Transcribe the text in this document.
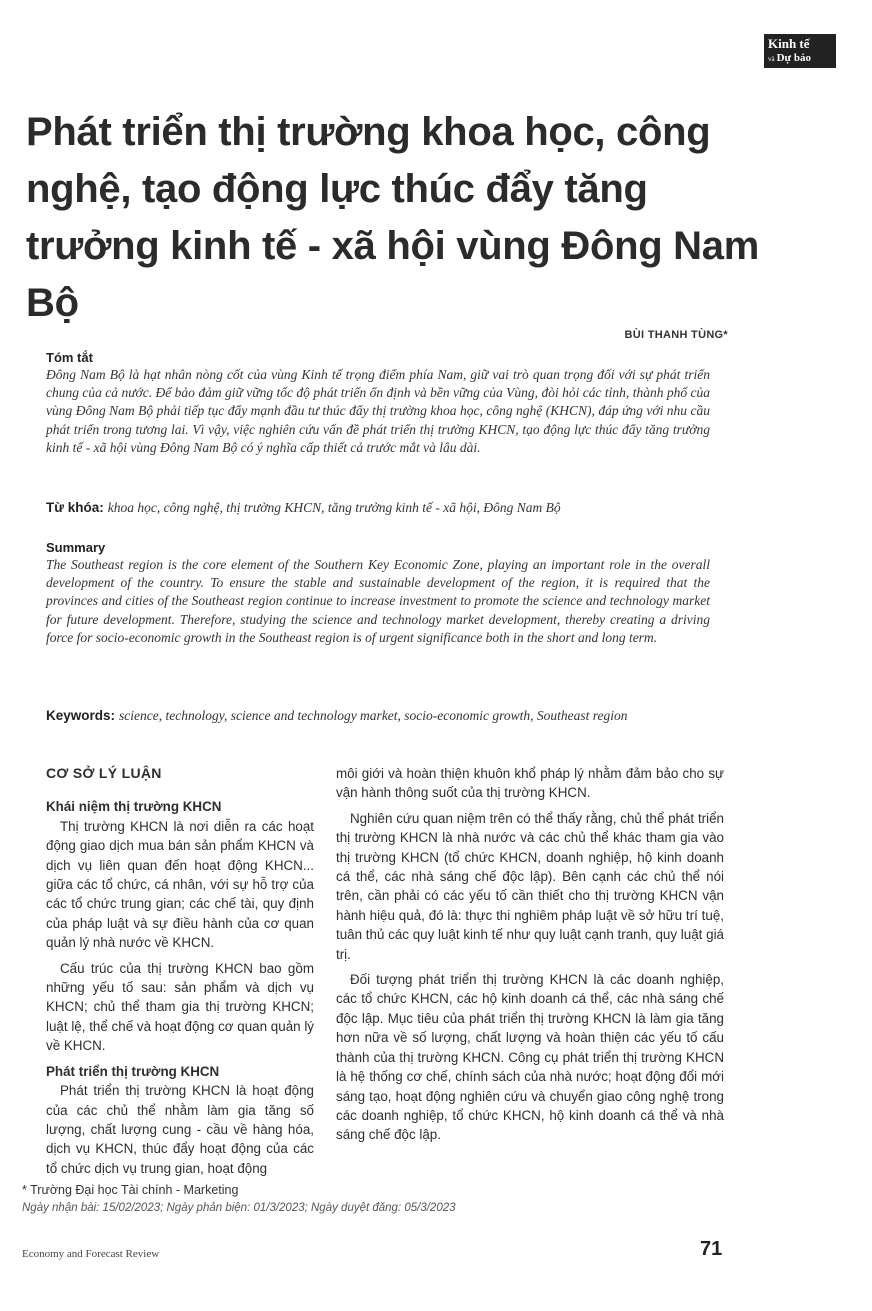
Kinh tế
và Dự báo
Phát triển thị trường khoa học, công nghệ, tạo động lực thúc đẩy tăng trưởng kinh tế - xã hội vùng Đông Nam Bộ
BÙI THANH TÙNG*
Tóm tắt

Đông Nam Bộ là hạt nhân nòng cốt của vùng Kinh tế trọng điểm phía Nam, giữ vai trò quan trọng đối với sự phát triển chung của cả nước. Để bảo đảm giữ vững tốc độ phát triển ổn định và bền vững của Vùng, đòi hỏi các tỉnh, thành phố của vùng Đông Nam Bộ phải tiếp tục đẩy mạnh đầu tư thúc đẩy thị trường khoa học, công nghệ (KHCN), đáp ứng với nhu cầu phát triển trong tương lai. Vì vậy, việc nghiên cứu vấn đề phát triển thị trường KHCN, tạo động lực thúc đẩy tăng trưởng kinh tế - xã hội vùng Đông Nam Bộ có ý nghĩa cấp thiết cả trước mắt và lâu dài.

Từ khóa: khoa học, công nghệ, thị trường KHCN, tăng trưởng kinh tế - xã hội, Đông Nam Bộ
Summary

The Southeast region is the core element of the Southern Key Economic Zone, playing an important role in the overall development of the country. To ensure the stable and sustainable development of the region, it is required that the provinces and cities of the Southeast region continue to increase investment to promote the science and technology market for future development. Therefore, studying the science and technology market development, thereby creating a driving force for socio-economic growth in the Southeast region is of urgent significance both in the short and long term.

Keywords: science, technology, science and technology market, socio-economic growth, Southeast region

CƠ SỞ LÝ LUẬN

Khái niệm thị trường KHCN

Thị trường KHCN là nơi diễn ra các hoạt động giao dịch mua bán sản phẩm KHCN và dịch vụ liên quan đến hoạt động KHCN... giữa các tổ chức, cá nhân, với sự hỗ trợ của các tổ chức trung gian; các chế tài, quy định của pháp luật và sự điều hành của cơ quan quản lý nhà nước về KHCN.

Cấu trúc của thị trường KHCN bao gồm những yếu tố sau: sản phẩm và dịch vụ KHCN; chủ thể tham gia thị trường KHCN; luật lệ, thể chế và hoạt động cơ quan quản lý về KHCN.

Phát triển thị trường KHCN

Phát triển thị trường KHCN là hoạt động của các chủ thể nhằm làm gia tăng số lượng, chất lượng cung - cầu về hàng hóa, dịch vụ KHCN, thúc đẩy hoạt động của các tổ chức dịch vụ trung gian, hoạt động

môi giới và hoàn thiện khuôn khổ pháp lý nhằm đảm bảo cho sự vận hành thông suốt của thị trường KHCN.

Nghiên cứu quan niệm trên có thể thấy rằng, chủ thể phát triển thị trường KHCN là nhà nước và các chủ thể khác tham gia vào thị trường KHCN (tổ chức KHCN, doanh nghiệp, hộ kinh doanh cá thể, các nhà sáng chế độc lập). Bên cạnh các chủ thể nói trên, cần phải có các yếu tố cần thiết cho thị trường KHCN vận hành hiệu quả, đó là: thực thi nghiêm pháp luật về sở hữu trí tuệ, tuân thủ các quy luật kinh tế như quy luật cạnh tranh, quy luật giá trị.

Đối tượng phát triển thị trường KHCN là các doanh nghiệp, các tổ chức KHCN, các hộ kinh doanh cá thể, các nhà sáng chế độc lập. Mục tiêu của phát triển thị trường KHCN là làm gia tăng hơn nữa về số lượng, chất lượng và hoàn thiện các yếu tố cấu thành của thị trường KHCN. Công cụ phát triển thị trường KHCN là hệ thống cơ chế, chính sách của nhà nước; hoạt động đổi mới sáng tạo, hoạt động nghiên cứu và chuyển giao công nghệ trong các doanh nghiệp, tổ chức KHCN, hộ kinh doanh cá thể và nhà sáng chế độc lập.

* Trường Đại học Tài chính - Marketing
Ngày nhận bài: 15/02/2023; Ngày phản biện: 01/3/2023; Ngày duyệt đăng: 05/3/2023
Economy and Forecast Review	71
